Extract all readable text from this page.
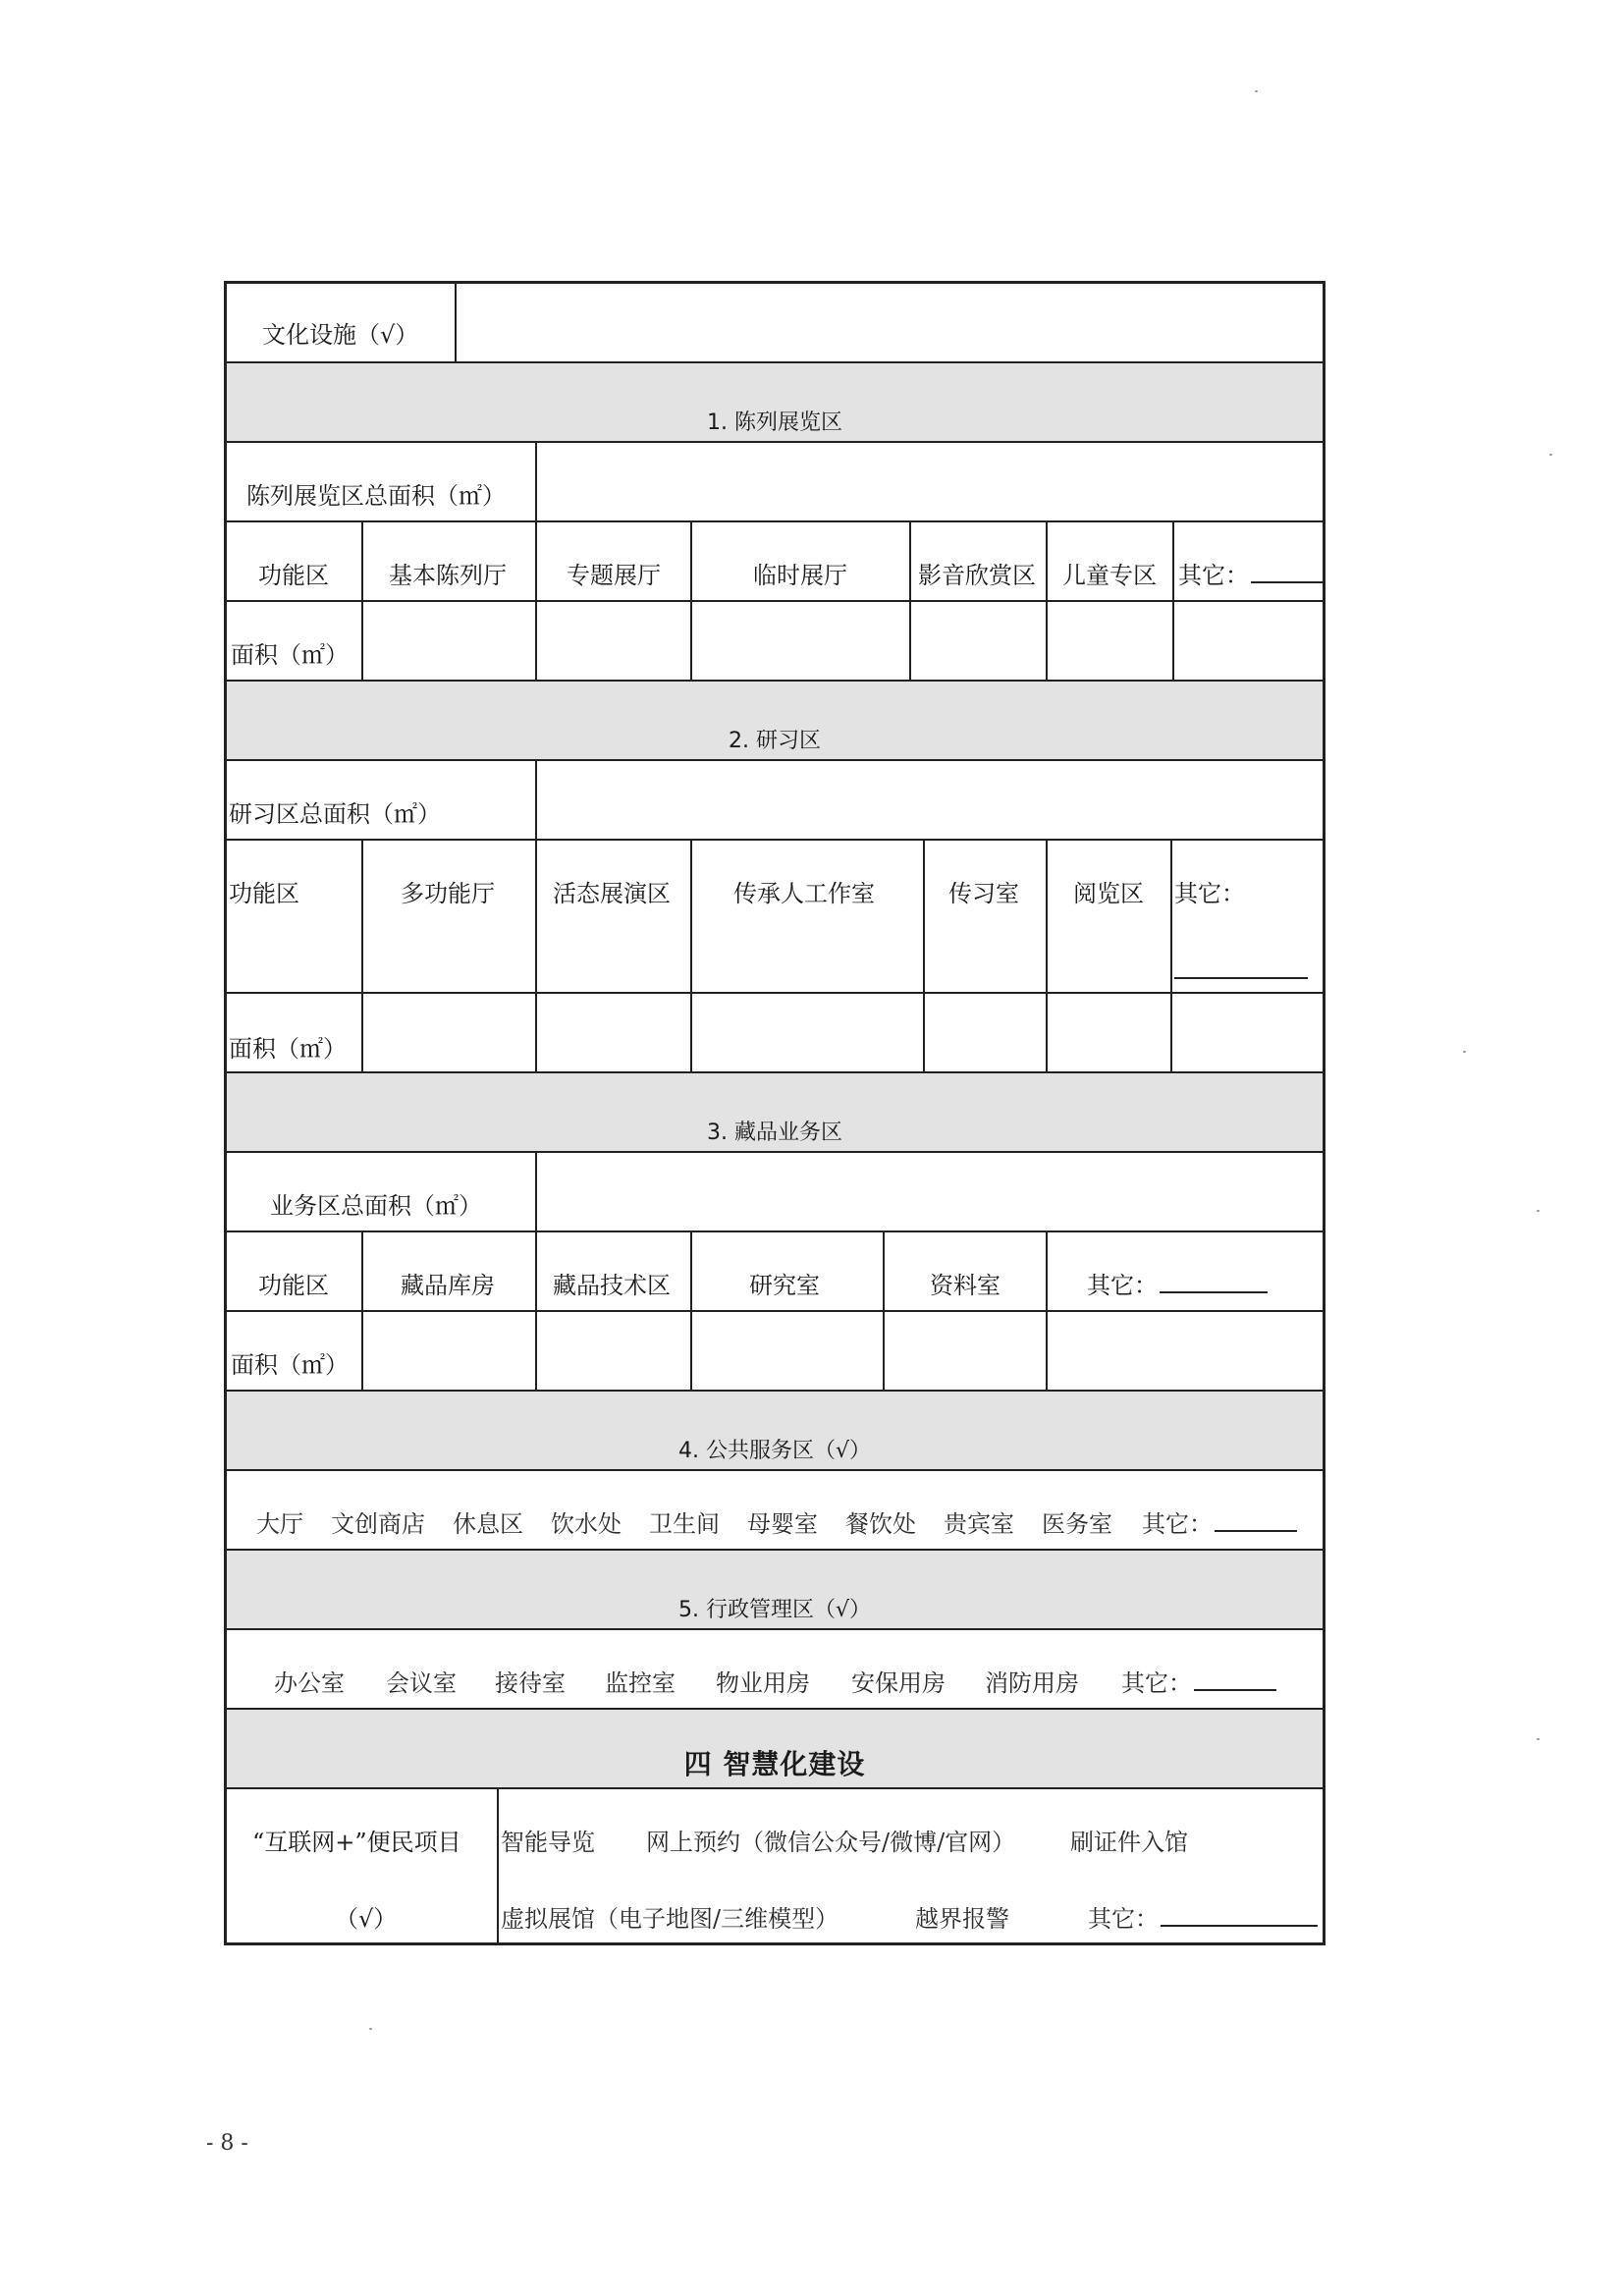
文化设施（√）
1. 陈列展览区
陈列展览区总面积（㎡）
功能区	基本陈列厅	专题展厅	临时展厅	影音欣赏区 儿童专区 其它：
面积（㎡）
2. 研习区
研习区总面积（㎡）
功能区	多功能厅 活态展演区	传承人工作室	传习室 阅览区 其它：
面积（㎡）
3. 藏品业务区
业务区总面积（㎡）
功能区	藏品库房 藏品技术区	研究室	资料室	其它：
面积（㎡）
4. 公共服务区（√）
大厅 文创商店 休息区 饮水处 卫生间 母婴室 餐饮处 贵宾室 医务室 其它：
5. 行政管理区（√）
办公室 会议室 接待室 监控室 物业用房 安保用房 消防用房 其它：
四 智慧化建设
“互联网+”便民项目
（√）
智能导览 网上预约（微信公众号/微博/官网） 刷证件入馆
虚拟展馆（电子地图/三维模型）	越界报警	其它：
- 8 -
